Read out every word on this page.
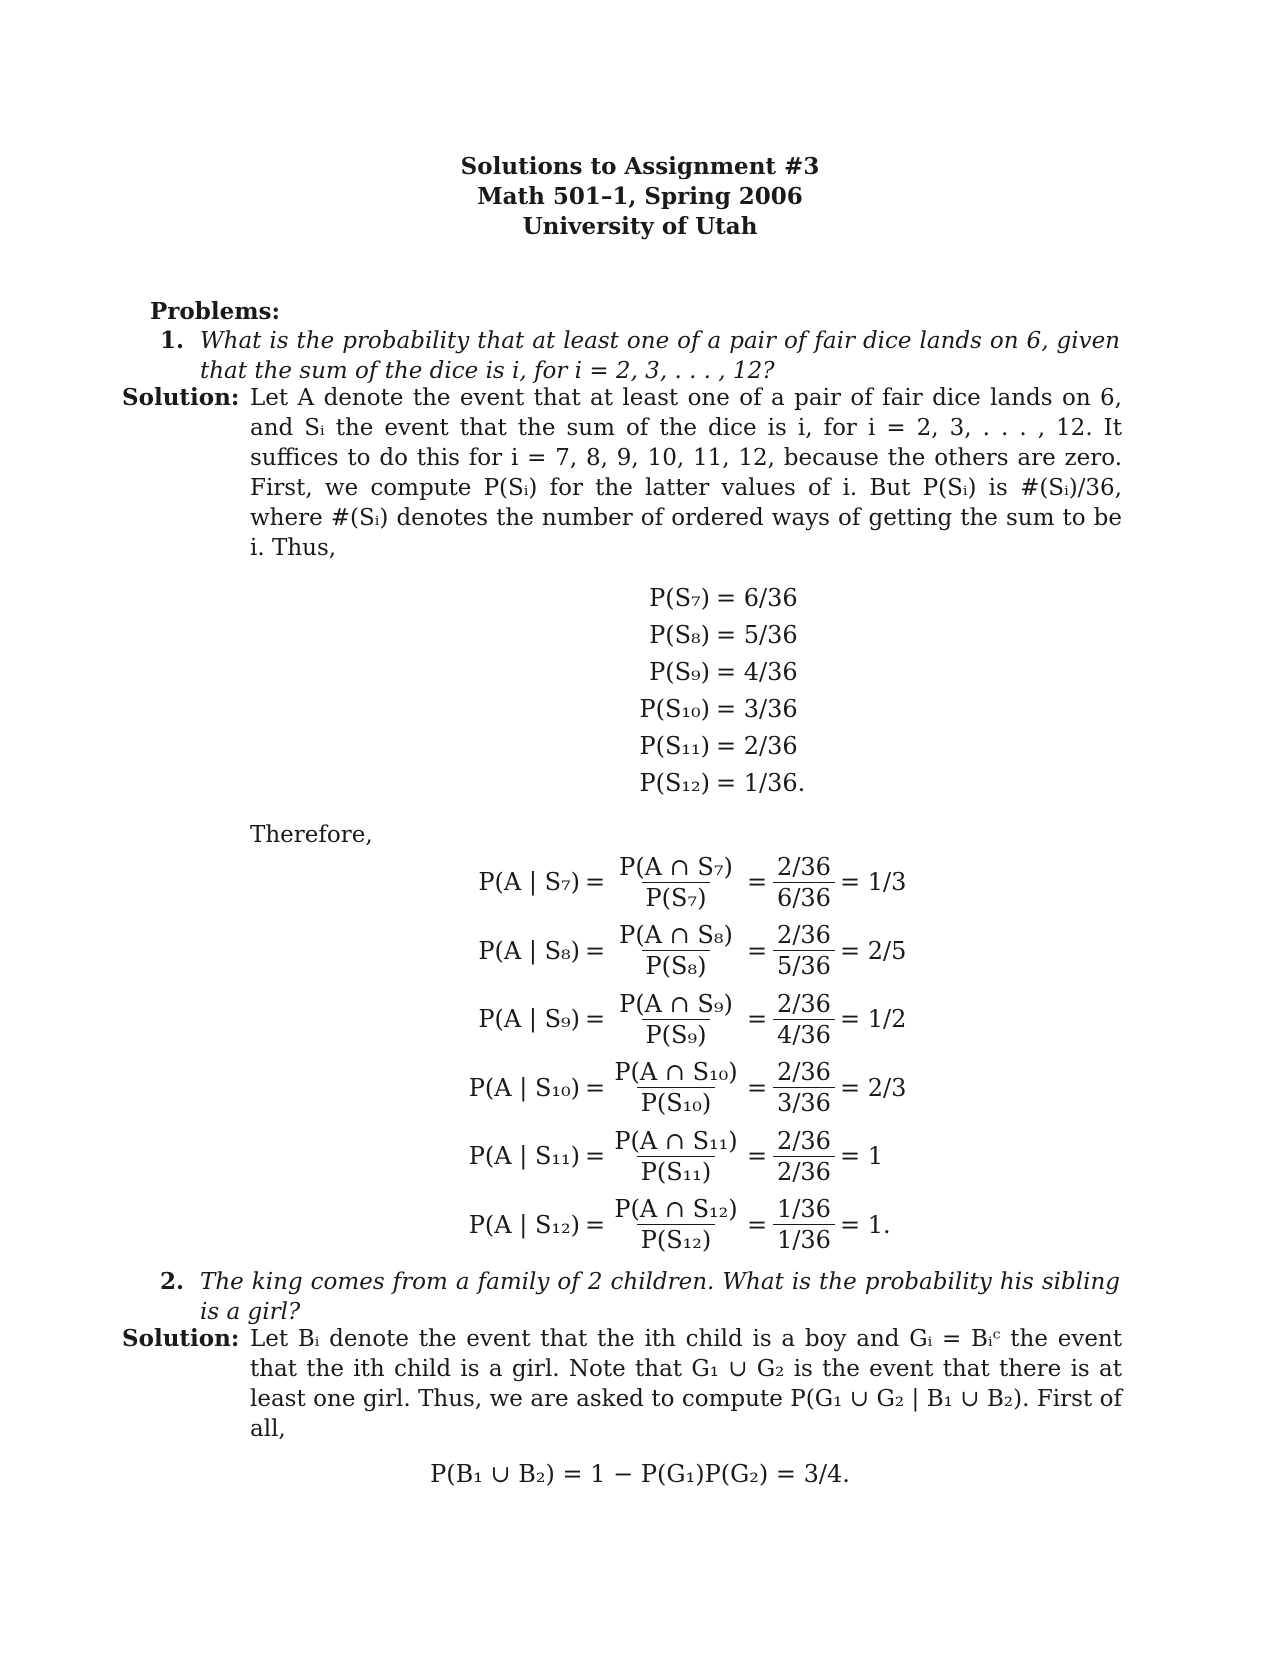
Solutions to Assignment #3
Math 501–1, Spring 2006
University of Utah
Problems:
1. What is the probability that at least one of a pair of fair dice lands on 6, given that the sum of the dice is i, for i = 2, 3, . . . , 12?
Solution: Let A denote the event that at least one of a pair of fair dice lands on 6, and Sᵢ the event that the sum of the dice is i, for i = 2, 3, . . . , 12. It suffices to do this for i = 7, 8, 9, 10, 11, 12, because the others are zero. First, we compute P(Sᵢ) for the latter values of i. But P(Sᵢ) is #(Sᵢ)/36, where #(Sᵢ) denotes the number of ordered ways of getting the sum to be i. Thus,
P(S₇) = 6/36
P(S₈) = 5/36
P(S₉) = 4/36
P(S₁₀) = 3/36
P(S₁₁) = 2/36
P(S₁₂) = 1/36.
Therefore,
P(A | $S_7) = \frac{\text{P(A ∩ S₇)}}{\text{P(S₇)}} = \frac{2/36}{6/36} = 1/3$
P(A | $S_8) = \frac{\text{P(A ∩ S₈)}}{\text{P(S₈)}} = \frac{2/36}{5/36} = 2/5$
P(A | $S_9) = \frac{\text{P(A ∩ S₉)}}{\text{P(S₉)}} = \frac{2/36}{4/36} = 1/2$
P(A | $S_{10}) = \frac{\text{P(A ∩ S₁₀)}}{\text{P(S₁₀)}} = \frac{2/36}{3/36} = 2/3$
P(A | $S_{11}) = \frac{\text{P(A ∩ S₁₁)}}{\text{P(S₁₁)}} = \frac{2/36}{2/36} = 1$
P(A | $S_{12}) = \frac{\text{P(A ∩ S₁₂)}}{\text{P(S₁₂)}} = \frac{1/36}{1/36} = 1$.
2. The king comes from a family of 2 children. What is the probability his sibling is a girl?
Solution: Let Bᵢ denote the event that the ith child is a boy and Gᵢ = Bᵢᶜ the event that the ith child is a girl. Note that G₁ ∪ G₂ is the event that there is at least one girl. Thus, we are asked to compute P(G₁ ∪ G₂ | B₁ ∪ B₂). First of all,
P(B₁ ∪ B₂) = 1 − P(G₁)P(G₂) = 3/4.
